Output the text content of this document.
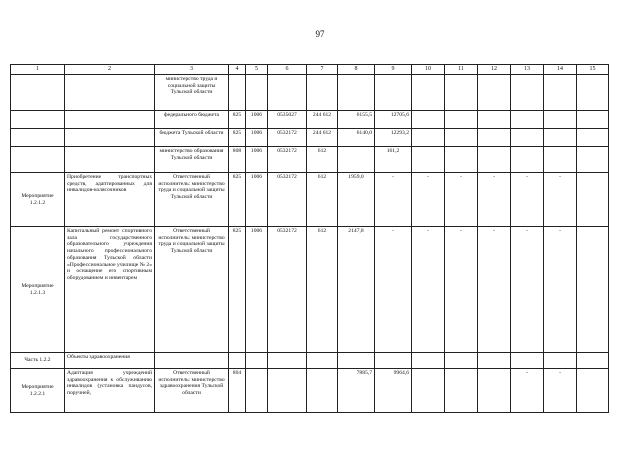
97
1	2	3	4	5	6	7	8	9	10	11	12	13	14	15
		министерство труда и социальной защиты Тульской области												
		федерального бюджета	825	1006	0535027	244 612	6155,5	12705,6						
		бюджета Тульской области	825	1006	0532172	244 612	6140,0	12293,2						
		министерство образования Тульской области	808	1006	0532172	612		161,2						
Мероприятие 1.2.1.2	Приобретение транспортных средств, адаптированных для инвалидов-колясочников	Ответственный исполнитель: министерство труда и социальной защиты Тульской области	825	1006	0532172	612	1959,0	-	-	-	-	-	-	
Мероприятие 1.2.1.3	Капитальный ремонт спортивного зала государственного образовательного учреждения начального профессионального образования Тульской области «Профессиональное училище № 2» и оснащение его спортивным оборудованием и инвентарем	Ответственный исполнитель: министерство труда и социальной защиты Тульской области	825	1006	0532172	612	2147,8	-	-	-	-	-	-	
Часть 1.2.2	Объекты здравоохранения													
Мероприятие 1.2.2.1	Адаптация учреждений здравоохранения к обслуживанию инвалидов (установка пандусов, поручней,	Ответственный исполнитель: министерство здравоохранения Тульской области	804				7885,7	9964,6				-	-	
